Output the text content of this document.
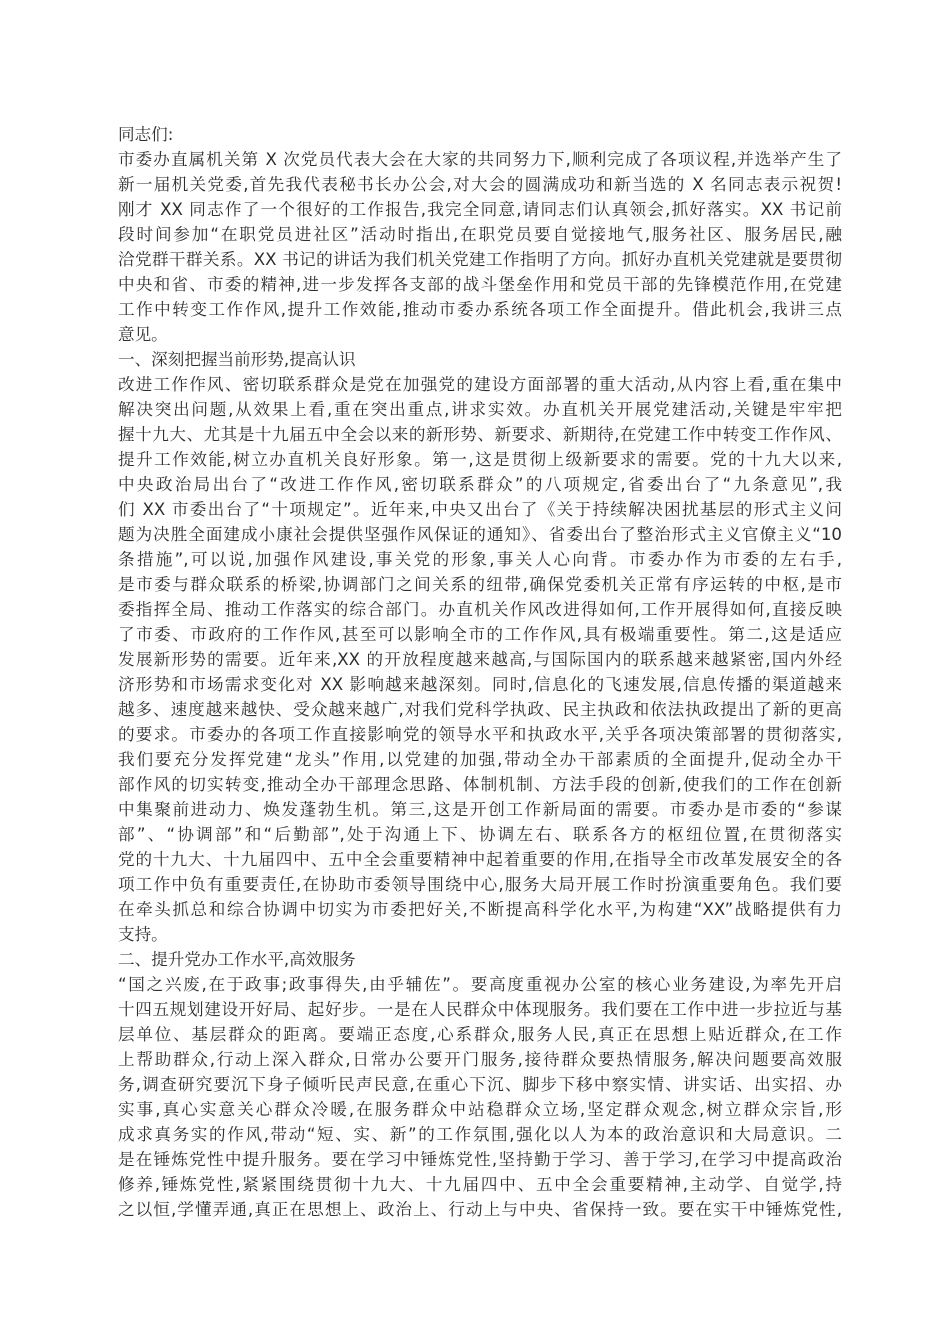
同志们:
市委办直属机关第 X 次党员代表大会在大家的共同努力下,顺利完成了各项议程,并选举产生了
新一届机关党委,首先我代表秘书长办公会,对大会的圆满成功和新当选的 X 名同志表示祝贺!
刚才 XX 同志作了一个很好的工作报告,我完全同意,请同志们认真领会,抓好落实。XX 书记前
段时间参加“在职党员进社区”活动时指出,在职党员要自觉接地气,服务社区、服务居民,融
洽党群干群关系。XX 书记的讲话为我们机关党建工作指明了方向。抓好办直机关党建就是要贯彻
中央和省、市委的精神,进一步发挥各支部的战斗堡垒作用和党员干部的先锋模范作用,在党建
工作中转变工作作风,提升工作效能,推动市委办系统各项工作全面提升。借此机会,我讲三点
意见。
一、深刻把握当前形势,提高认识
改进工作作风、密切联系群众是党在加强党的建设方面部署的重大活动,从内容上看,重在集中
解决突出问题,从效果上看,重在突出重点,讲求实效。办直机关开展党建活动,关键是牢牢把
握十九大、尤其是十九届五中全会以来的新形势、新要求、新期待,在党建工作中转变工作作风、
提升工作效能,树立办直机关良好形象。第一,这是贯彻上级新要求的需要。党的十九大以来,
中央政治局出台了“改进工作作风,密切联系群众”的八项规定,省委出台了“九条意见”,我
们 XX 市委出台了“十项规定”。近年来,中央又出台了《关于持续解决困扰基层的形式主义问
题为决胜全面建成小康社会提供坚强作风保证的通知》、省委出台了整治形式主义官僚主义“10
条措施”,可以说,加强作风建设,事关党的形象,事关人心向背。市委办作为市委的左右手,
是市委与群众联系的桥梁,协调部门之间关系的纽带,确保党委机关正常有序运转的中枢,是市
委指挥全局、推动工作落实的综合部门。办直机关作风改进得如何,工作开展得如何,直接反映
了市委、市政府的工作作风,甚至可以影响全市的工作作风,具有极端重要性。第二,这是适应
发展新形势的需要。近年来,XX 的开放程度越来越高,与国际国内的联系越来越紧密,国内外经
济形势和市场需求变化对 XX 影响越来越深刻。同时,信息化的飞速发展,信息传播的渠道越来
越多、速度越来越快、受众越来越广,对我们党科学执政、民主执政和依法执政提出了新的更高
的要求。市委办的各项工作直接影响党的领导水平和执政水平,关乎各项决策部署的贯彻落实,
我们要充分发挥党建“龙头”作用,以党建的加强,带动全办干部素质的全面提升,促动全办干
部作风的切实转变,推动全办干部理念思路、体制机制、方法手段的创新,使我们的工作在创新
中集聚前进动力、焕发蓬勃生机。第三,这是开创工作新局面的需要。市委办是市委的“参谋
部”、“协调部”和“后勤部”,处于沟通上下、协调左右、联系各方的枢纽位置,在贯彻落实
党的十九大、十九届四中、五中全会重要精神中起着重要的作用,在指导全市改革发展安全的各
项工作中负有重要责任,在协助市委领导围绕中心,服务大局开展工作时扮演重要角色。我们要
在牵头抓总和综合协调中切实为市委把好关,不断提高科学化水平,为构建“XX”战略提供有力
支持。
二、提升党办工作水平,高效服务
“国之兴废,在于政事;政事得失,由乎辅佐”。要高度重视办公室的核心业务建设,为率先开启
十四五规划建设开好局、起好步。一是在人民群众中体现服务。我们要在工作中进一步拉近与基
层单位、基层群众的距离。要端正态度,心系群众,服务人民,真正在思想上贴近群众,在工作
上帮助群众,行动上深入群众,日常办公要开门服务,接待群众要热情服务,解决问题要高效服
务,调查研究要沉下身子倾听民声民意,在重心下沉、脚步下移中察实情、讲实话、出实招、办
实事,真心实意关心群众冷暖,在服务群众中站稳群众立场,坚定群众观念,树立群众宗旨,形
成求真务实的作风,带动“短、实、新”的工作氛围,强化以人为本的政治意识和大局意识。二
是在锤炼党性中提升服务。要在学习中锤炼党性,坚持勤于学习、善于学习,在学习中提高政治
修养,锤炼党性,紧紧围绕贯彻十九大、十九届四中、五中全会重要精神,主动学、自觉学,持
之以恒,学懂弄通,真正在思想上、政治上、行动上与中央、省保持一致。要在实干中锤炼党性,
